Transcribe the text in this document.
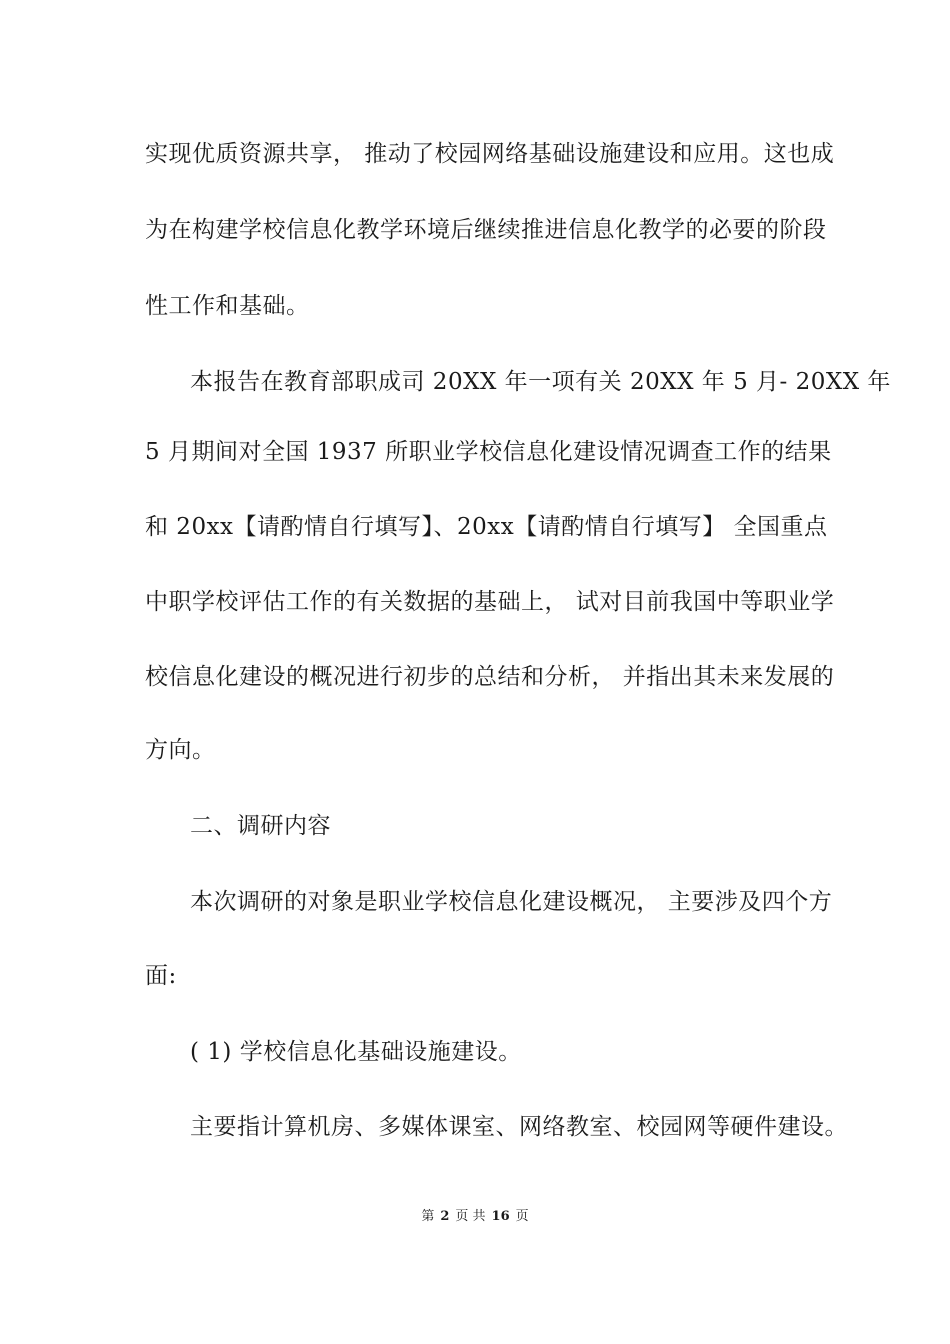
实现优质资源共享， 推动了校园网络基础设施建设和应用。这也成
为在构建学校信息化教学环境后继续推进信息化教学的必要的阶段
性工作和基础。
本报告在教育部职成司 20XX 年一项有关 20XX 年 5 月- 20XX 年
5 月期间对全国 1937 所职业学校信息化建设情况调查工作的结果
和 20xx【请酌情自行填写】、20xx【请酌情自行填写】 全国重点
中职学校评估工作的有关数据的基础上， 试对目前我国中等职业学
校信息化建设的概况进行初步的总结和分析， 并指出其未来发展的
方向。
二、调研内容
本次调研的对象是职业学校信息化建设概况， 主要涉及四个方
面:
( 1) 学校信息化基础设施建设。
主要指计算机房、多媒体课室、网络教室、校园网等硬件建设。
第 2 页 共 16 页
